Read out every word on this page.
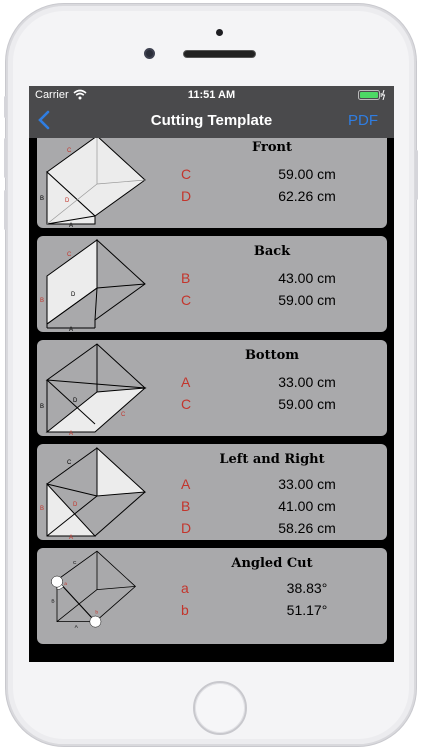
Carrier	11:51 AM
Cutting Template	PDF
C
D
B
A
Front
C	59.00 cm
D	62.26 cm
C
B
D
A
Back
B	43.00 cm
C	59.00 cm
B
D
C
A
Bottom
A	33.00 cm
C	59.00 cm
C
B
D
A
Left and Right
A	33.00 cm
B	41.00 cm
D	58.26 cm
C
B
a
b
A
Angled Cut
a	38.83°
b	51.17°
